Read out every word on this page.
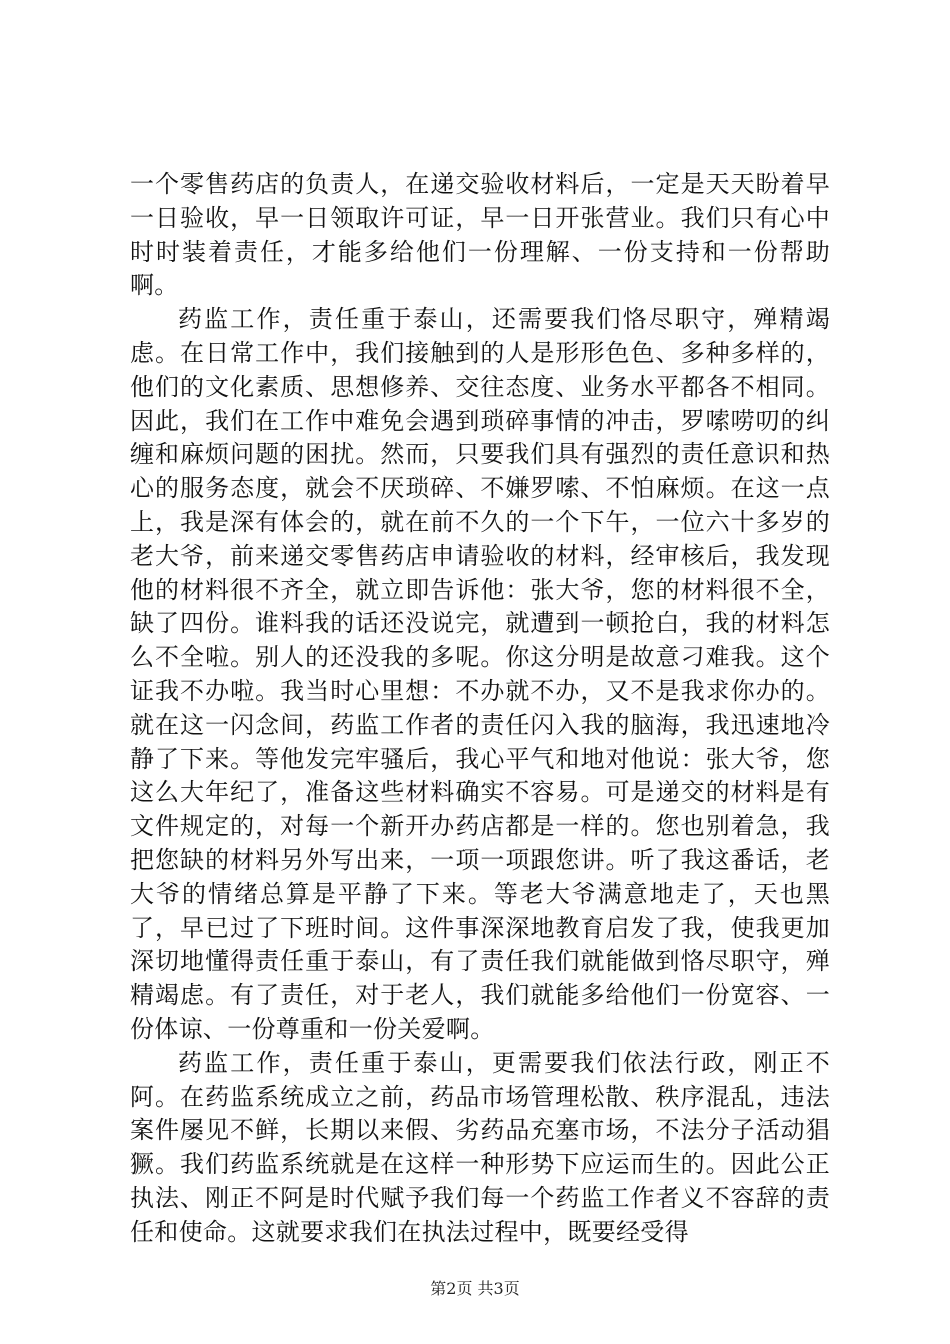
一个零售药店的负责人，在递交验收材料后，一定是天天盼着早一日验收，早一日领取许可证，早一日开张营业。我们只有心中时时装着责任，才能多给他们一份理解、一份支持和一份帮助啊。

药监工作，责任重于泰山，还需要我们恪尽职守，殚精竭虑。在日常工作中，我们接触到的人是形形色色、多种多样的，他们的文化素质、思想修养、交往态度、业务水平都各不相同。因此，我们在工作中难免会遇到琐碎事情的冲击，罗嗦唠叨的纠缠和麻烦问题的困扰。然而，只要我们具有强烈的责任意识和热心的服务态度，就会不厌琐碎、不嫌罗嗦、不怕麻烦。在这一点上，我是深有体会的，就在前不久的一个下午，一位六十多岁的老大爷，前来递交零售药店申请验收的材料，经审核后，我发现他的材料很不齐全，就立即告诉他：张大爷，您的材料很不全，缺了四份。谁料我的话还没说完，就遭到一顿抢白，我的材料怎么不全啦。别人的还没我的多呢。你这分明是故意刁难我。这个证我不办啦。我当时心里想：不办就不办，又不是我求你办的。就在这一闪念间，药监工作者的责任闪入我的脑海，我迅速地冷静了下来。等他发完牢骚后，我心平气和地对他说：张大爷，您这么大年纪了，准备这些材料确实不容易。可是递交的材料是有文件规定的，对每一个新开办药店都是一样的。您也别着急，我把您缺的材料另外写出来，一项一项跟您讲。听了我这番话，老大爷的情绪总算是平静了下来。等老大爷满意地走了，天也黑了，早已过了下班时间。这件事深深地教育启发了我，使我更加深切地懂得责任重于泰山，有了责任我们就能做到恪尽职守，殚精竭虑。有了责任，对于老人，我们就能多给他们一份宽容、一份体谅、一份尊重和一份关爱啊。

药监工作，责任重于泰山，更需要我们依法行政，刚正不阿。在药监系统成立之前，药品市场管理松散、秩序混乱，违法案件屡见不鲜，长期以来假、劣药品充塞市场，不法分子活动猖獗。我们药监系统就是在这样一种形势下应运而生的。因此公正执法、刚正不阿是时代赋予我们每一个药监工作者义不容辞的责任和使命。这就要求我们在执法过程中，既要经受得

第2页 共3页
